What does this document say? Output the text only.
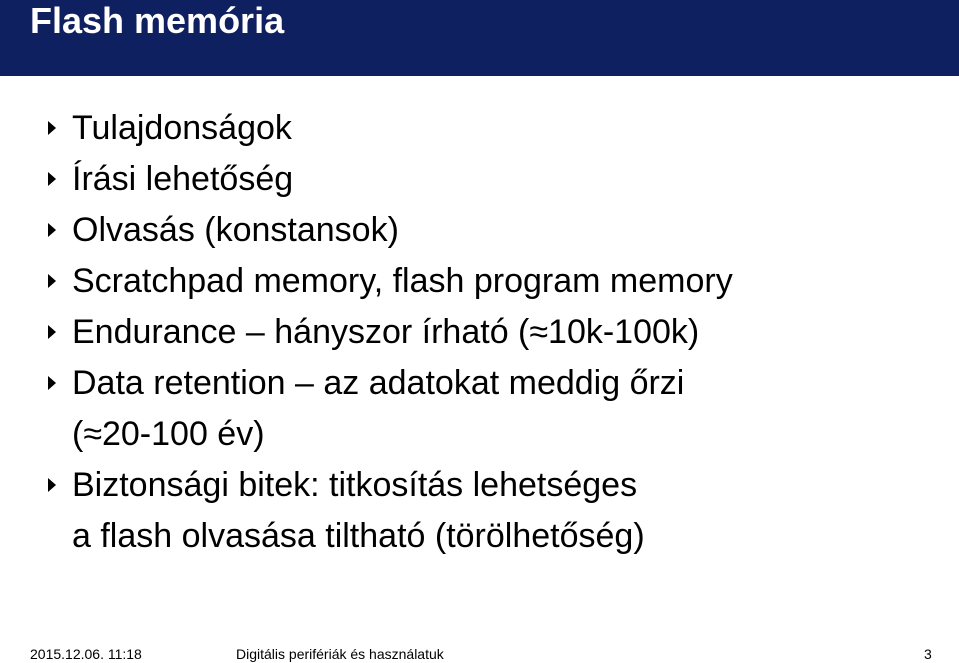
Flash memória
Tulajdonságok
Írási lehetőség
Olvasás (konstansok)
Scratchpad memory, flash program memory
Endurance – hányszor írható (≈10k-100k)
Data retention – az adatokat meddig őrzi
(≈20-100 év)
Biztonsági bitek: titkosítás lehetséges
a flash olvasása tiltható (törölhetőség)
2015.12.06. 11:18	Digitális perifériák és használatuk	3
